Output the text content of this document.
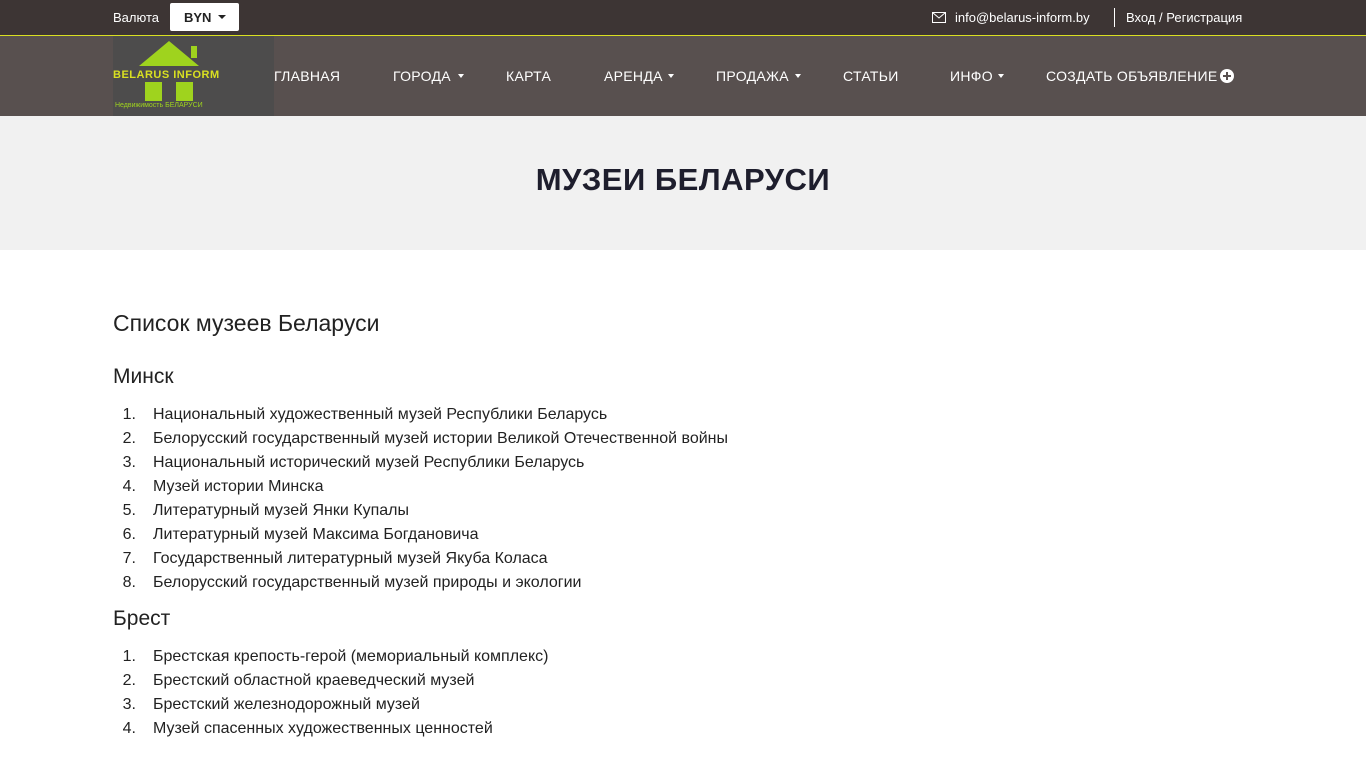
Валюта BYN	info@belarus-inform.by	Вход / Регистрация
BELARUS INFORM
Недвижимость БЕЛАРУСИ
ГЛАВНАЯ	ГОРОДА	КАРТА	АРЕНДА	ПРОДАЖА	СТАТЬИ	ИНФО	СОЗДАТЬ ОБЪЯВЛЕНИЕ
МУЗЕИ БЕЛАРУСИ
Список музеев Беларуси
Минск
1. Национальный художественный музей Республики Беларусь
2. Белорусский государственный музей истории Великой Отечественной войны
3. Национальный исторический музей Республики Беларусь
4. Музей истории Минска
5. Литературный музей Янки Купалы
6. Литературный музей Максима Богдановича
7. Государственный литературный музей Якуба Коласа
8. Белорусский государственный музей природы и экологии
Брест
1. Брестская крепость-герой (мемориальный комплекс)
2. Брестский областной краеведческий музей
3. Брестский железнодорожный музей
4. Музей спасенных художественных ценностей
